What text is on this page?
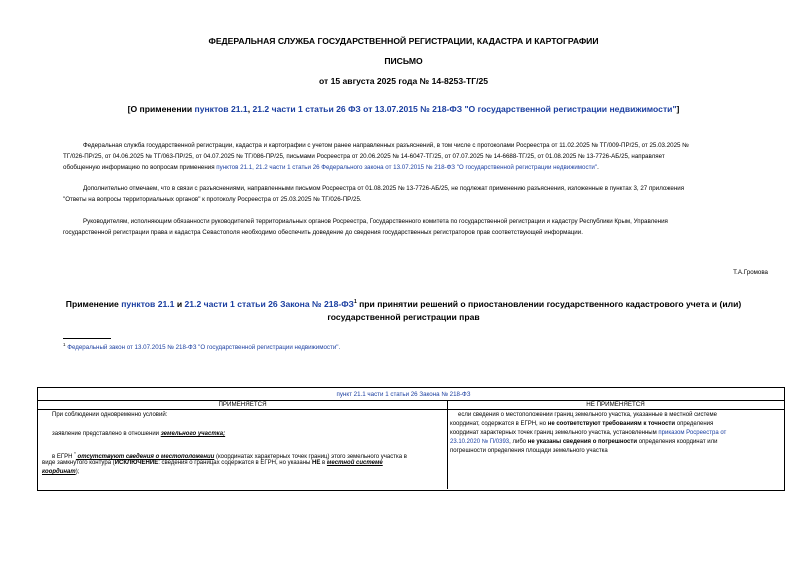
ФЕДЕРАЛЬНАЯ СЛУЖБА ГОСУДАРСТВЕННОЙ РЕГИСТРАЦИИ, КАДАСТРА И КАРТОГРАФИИ
ПИСЬМО
от 15 августа 2025 года № 14-8253-ТГ/25
[О применении пунктов 21.1, 21.2 части 1 статьи 26 ФЗ от 13.07.2015 № 218-ФЗ "О государственной регистрации недвижимости"]
Федеральная служба государственной регистрации, кадастра и картографии с учетом ранее направленных разъяснений, в том числе с протоколами Росреестра от 11.02.2025 № ТГ/009-ПР/25, от 25.03.2025 №
ТГ/026-ПР/25, от 04.06.2025 № ТГ/063-ПР/25, от 04.07.2025 № ТГ/086-ПР/25, письмами Росреестра от 20.06.2025 № 14-6047-ТГ/25, от 07.07.2025 № 14-6688-ТГ/25, от 01.08.2025 № 13-7726-АБ/25, направляет
обобщенную информацию по вопросам применения пунктов 21.1, 21.2 части 1 статьи 26 Федерального закона от 13.07.2015 № 218-ФЗ "О государственной регистрации недвижимости".
Дополнительно отмечаем, что в связи с разъяснениями, направленными письмом Росреестра от 01.08.2025 № 13-7726-АБ/25, не подлежат применению разъяснения, изложенные в пунктах 3, 27 приложения
"Ответы на вопросы территориальных органов" к протоколу Росреестра от 25.03.2025 № ТГ/026-ПР/25.
Руководителям, исполняющим обязанности руководителей территориальных органов Росреестра, Государственного комитета по государственной регистрации и кадастру Республики Крым, Управления
государственной регистрации права и кадастра Севастополя необходимо обеспечить доведение до сведения государственных регистраторов прав соответствующей информации.
Т.А.Громова
Применение пунктов 21.1 и 21.2 части 1 статьи 26 Закона № $218-ФЗ^1$ при принятии решений о приостановлении государственного кадастрового учета и (или)
государственной регистрации прав
$^1$ Федеральный закон от 13.07.2015 № 218-ФЗ "О государственной регистрации недвижимости".
пункт 21.1 части 1 статьи 26 Закона № 218-ФЗ
ПРИМЕНЯЕТСЯ	НЕ ПРИМЕНЯЕТСЯ
При соблюдении одновременно условий:
заявление представлено в отношении земельного участка;
в ЕГРН * отсутствуют сведения о местоположении (координатах характерных точек границ) этого земельного участка в
виде замкнутого контура (ИСКЛЮЧЕНИЕ: сведения о границах содержатся в ЕГРН, но указаны НЕ в местной системе
координат);
если сведения о местоположении границ земельного участка, указанные в местной системе
координат, содержатся в ЕГРН, но не соответствуют требованиям к точности определения
координат характерных точек границ земельного участка, установленным приказом Росреестра от
23.10.2020 № П/0393, либо не указаны сведения о погрешности определения координат или
погрешности определения площади земельного участка
